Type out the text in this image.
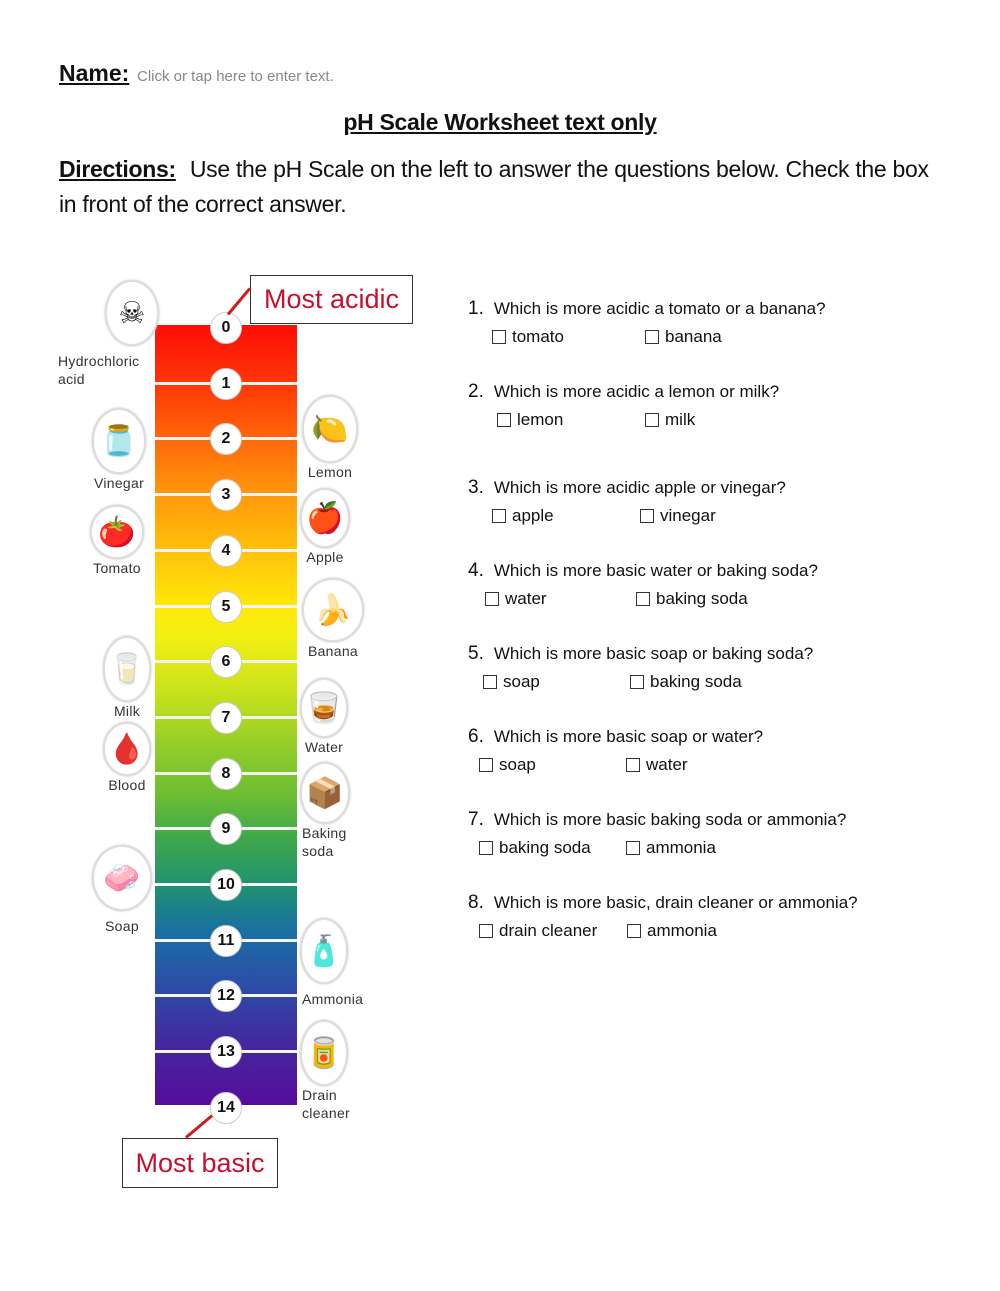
Name: Click or tap here to enter text.
pH Scale Worksheet text only
Directions: Use the pH Scale on the left to answer the questions below. Check the box in front of the correct answer.
0
1
2
3
4
5
6
7
8
9
10
11
12
13
14
☠
Hydrochloric acid
🫙
Vinegar
🍅
Tomato
🥛
Milk
🩸
Blood
🧼
Soap
🍋
Lemon
🍎
Apple
🍌
Banana
🥃
Water
📦
Baking soda
🧴
Ammonia
🥫
Drain cleaner
Most acidic
Most basic
1. Which is more acidic a tomato or a banana?
tomato	banana
2. Which is more acidic a lemon or milk?
lemon	milk
3. Which is more acidic apple or vinegar?
apple	vinegar
4. Which is more basic water or baking soda?
water	baking soda
5. Which is more basic soap or baking soda?
soap	baking soda
6. Which is more basic soap or water?
soap	water
7. Which is more basic baking soda or ammonia?
baking soda	ammonia
8. Which is more basic, drain cleaner or ammonia?
drain cleaner	ammonia
